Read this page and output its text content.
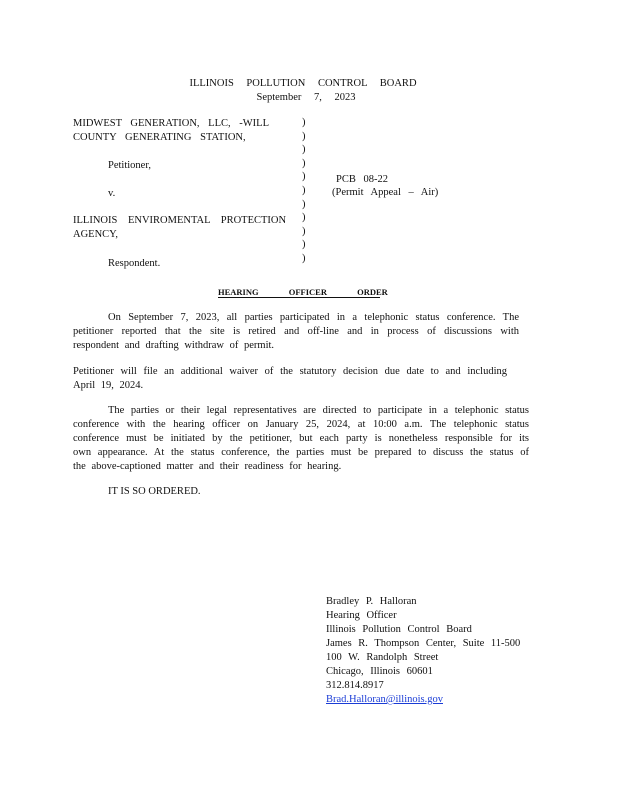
ILLINOIS POLLUTION CONTROL BOARD
September 7, 2023
MIDWEST GENERATION, LLC, -WILL
COUNTY GENERATING STATION,
Petitioner,
v.
ILLINOIS ENVIROMENTAL PROTECTION
AGENCY,
Respondent.
)
)
)
)
)
)
)
)
)
)
)
PCB 08-22
(Permit Appeal – Air)
HEARING OFFICER ORDER
On September 7, 2023, all parties participated in a telephonic status conference. The petitioner reported that the site is retired and off-line and in process of discussions with respondent and drafting withdraw of permit.
Petitioner will file an additional waiver of the statutory decision due date to and including April 19, 2024.
The parties or their legal representatives are directed to participate in a telephonic status conference with the hearing officer on January 25, 2024, at 10:00 a.m. The telephonic status conference must be initiated by the petitioner, but each party is nonetheless responsible for its own appearance. At the status conference, the parties must be prepared to discuss the status of the above-captioned matter and their readiness for hearing.
IT IS SO ORDERED.
Bradley P. Halloran
Hearing Officer
Illinois Pollution Control Board
James R. Thompson Center, Suite 11-500
100 W. Randolph Street
Chicago, Illinois 60601
312.814.8917
Brad.Halloran@illinois.gov
